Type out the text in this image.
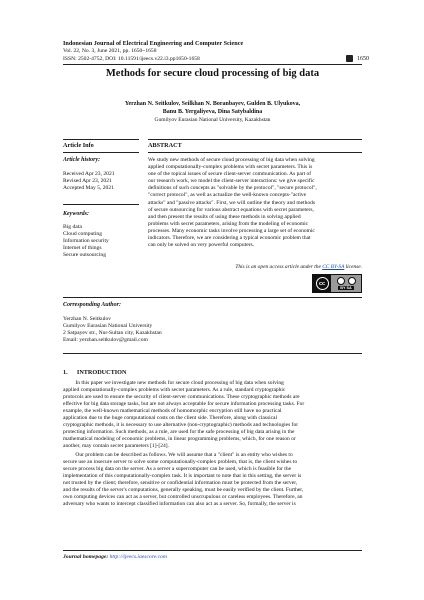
Indonesian Journal of Electrical Engineering and Computer Science
Vol. 22, No. 3, June 2021, pp. 1650~1658
ISSN: 2502-4752, DOI: 10.11591/ijeecs.v22.i3.pp1650-1658	1650
Methods for secure cloud processing of big data
Yerzhan N. Seitkulov, Seilkhan N. Boranbayev, Gulden B. Ulyukova,
Banu B. Yergaliyeva, Dina Satybaldina
Gumilyov Eurasian National University, Kazakhstan
Article Info	ABSTRACT
Article history:
Received Apr 23, 2021
Revised Apr 23, 2021
Accepted May 5, 2021
Keywords:
Big data
Cloud computing
Information security
Internet of things
Secure outsourcing
We study new methods of secure cloud processing of big data when solving
applied computationally-complex problems with secret parameters. This is
one of the topical issues of secure client-server communication. As part of
our research work, we model the client-server interactions: we give specific
definitions of such concepts as "solvable by the protocol", "secure protocol",
"correct protocol", as well as actualize the well-known concepts-"active
attacks" and "passive attacks". First, we will outline the theory and methods
of secure outsourcing for various abstract equations with secret parameters,
and then present the results of using these methods in solving applied
problems with secret parameters, arising from the modeling of economic
processes. Many economic tasks involve processing a large set of economic
indicators. Therefore, we are considering a typical economic problem that
can only be solved on very powerful computers.
This is an open access article under the CC BY-SA license.
cc
BY SA
Corresponding Author:
Yerzhan N. Seitkulov
Gumilyov Eurasian National University
2 Satpayev str., Nur-Sultan city, Kazakhstan
Email: yerzhan.seitkulov@gmail.com
1.      INTRODUCTION
In this paper we investigate new methods for secure cloud processing of big data when solving
applied computationally-complex problems with secret parameters. As a rule, standard cryptographic
protocols are used to ensure the security of client-server communications. These cryptographic methods are
effective for big data storage tasks, but are not always acceptable for secure information processing tasks. For
example, the well-known mathematical methods of homomorphic encryption still have no practical
application due to the huge computational costs on the client side. Therefore, along with classical
cryptographic methods, it is necessary to use alternative (non-cryptographic) methods and technologies for
protecting information. Such methods, as a rule, are used for the safe processing of big data arising in the
mathematical modeling of economic problems, in linear programming problems, which, for one reason or
another, may contain secret parameters [1]-[24].
Our problem can be described as follows. We will assume that a "client" is an entity who wishes to
secure use an insecure server to solve some computationally-complex problem, that is, the client wishes to
secure process big data on the server. As a server a supercomputer can be used, which is feasible for the
implementation of this computationally-complex task. It is important to note that in this setting, the server is
not trusted by the client; therefore, sensitive or confidential information must be protected from the server,
and the results of the server's computations, generally speaking, must be easily verified by the client. Further,
own computing devices can act as a server, but controlled unscrupulous or careless employees. Therefore, an
adversary who wants to intercept classified information can also act as a server. So, formally, the server is
Journal homepage: http://ijeecs.iaescore.com
